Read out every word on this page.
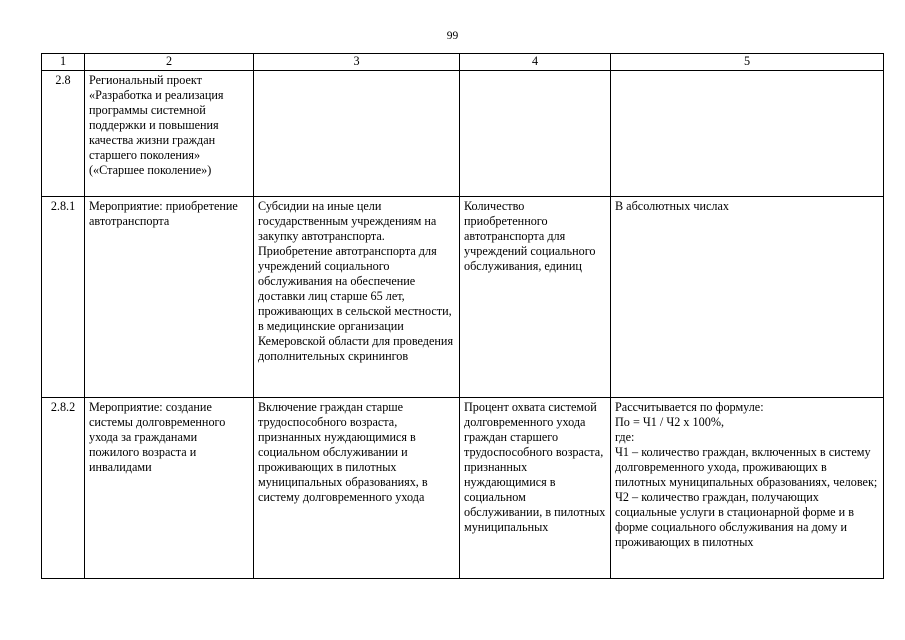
99
1	2	3	4	5
2.8	Региональный проект «Разработка и реализация программы системной поддержки и повышения качества жизни граждан старшего поколения» («Старшее поколение»)			
2.8.1	Мероприятие: приобретение автотранспорта	Субсидии на иные цели государственным учреждениям на закупку автотранспорта. Приобретение автотранспорта для учреждений социального обслуживания на обеспечение доставки лиц старше 65 лет, проживающих в сельской местности, в медицинские организации Кемеровской области для проведения дополнительных скринингов	Количество приобретенного автотранспорта для учреждений социального обслуживания, единиц	В абсолютных числах
2.8.2	Мероприятие: создание системы долговременного ухода за гражданами пожилого возраста и инвалидами	Включение граждан старше трудоспособного возраста, признанных нуждающимися в социальном обслуживании и проживающих в пилотных муниципальных образованиях, в систему долговременного ухода	Процент охвата системой долговременного ухода граждан старшего трудоспособного возраста, признанных нуждающимися в социальном обслуживании, в пилотных муниципальных	Рассчитывается по формуле:
По = Ч1 / Ч2 х 100%,
где:
Ч1 – количество граждан, включенных в систему долговременного ухода, проживающих в пилотных муниципальных образованиях, человек;
Ч2 – количество граждан, получающих социальные услуги в стационарной форме и в форме социального обслуживания на дому и проживающих в пилотных
